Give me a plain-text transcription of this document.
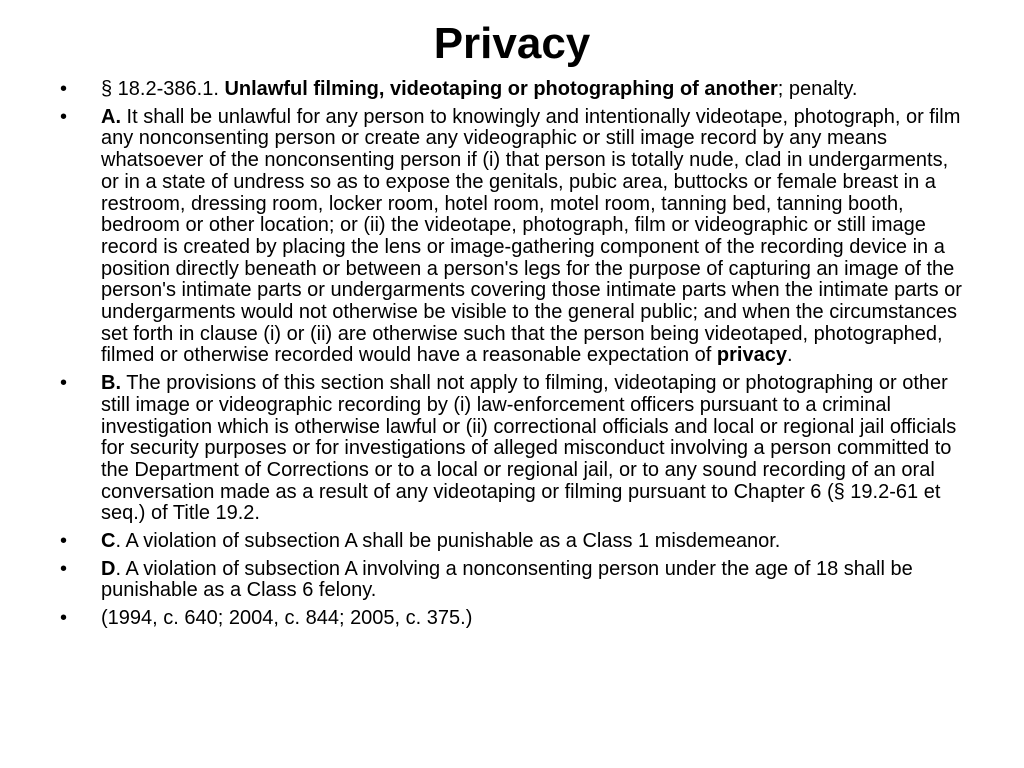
Privacy
• § 18.2-386.1. Unlawful filming, videotaping or photographing of another; penalty.
• A. It shall be unlawful for any person to knowingly and intentionally videotape, photograph, or film any nonconsenting person or create any videographic or still image record by any means whatsoever of the nonconsenting person if (i) that person is totally nude, clad in undergarments, or in a state of undress so as to expose the genitals, pubic area, buttocks or female breast in a restroom, dressing room, locker room, hotel room, motel room, tanning bed, tanning booth, bedroom or other location; or (ii) the videotape, photograph, film or videographic or still image record is created by placing the lens or image-gathering component of the recording device in a position directly beneath or between a person's legs for the purpose of capturing an image of the person's intimate parts or undergarments covering those intimate parts when the intimate parts or undergarments would not otherwise be visible to the general public; and when the circumstances set forth in clause (i) or (ii) are otherwise such that the person being videotaped, photographed, filmed or otherwise recorded would have a reasonable expectation of privacy.
• B. The provisions of this section shall not apply to filming, videotaping or photographing or other still image or videographic recording by (i) law-enforcement officers pursuant to a criminal investigation which is otherwise lawful or (ii) correctional officials and local or regional jail officials for security purposes or for investigations of alleged misconduct involving a person committed to the Department of Corrections or to a local or regional jail, or to any sound recording of an oral conversation made as a result of any videotaping or filming pursuant to Chapter 6 (§ 19.2-61 et seq.) of Title 19.2.
• C. A violation of subsection A shall be punishable as a Class 1 misdemeanor.
• D. A violation of subsection A involving a nonconsenting person under the age of 18 shall be punishable as a Class 6 felony.
• (1994, c. 640; 2004, c. 844; 2005, c. 375.)
